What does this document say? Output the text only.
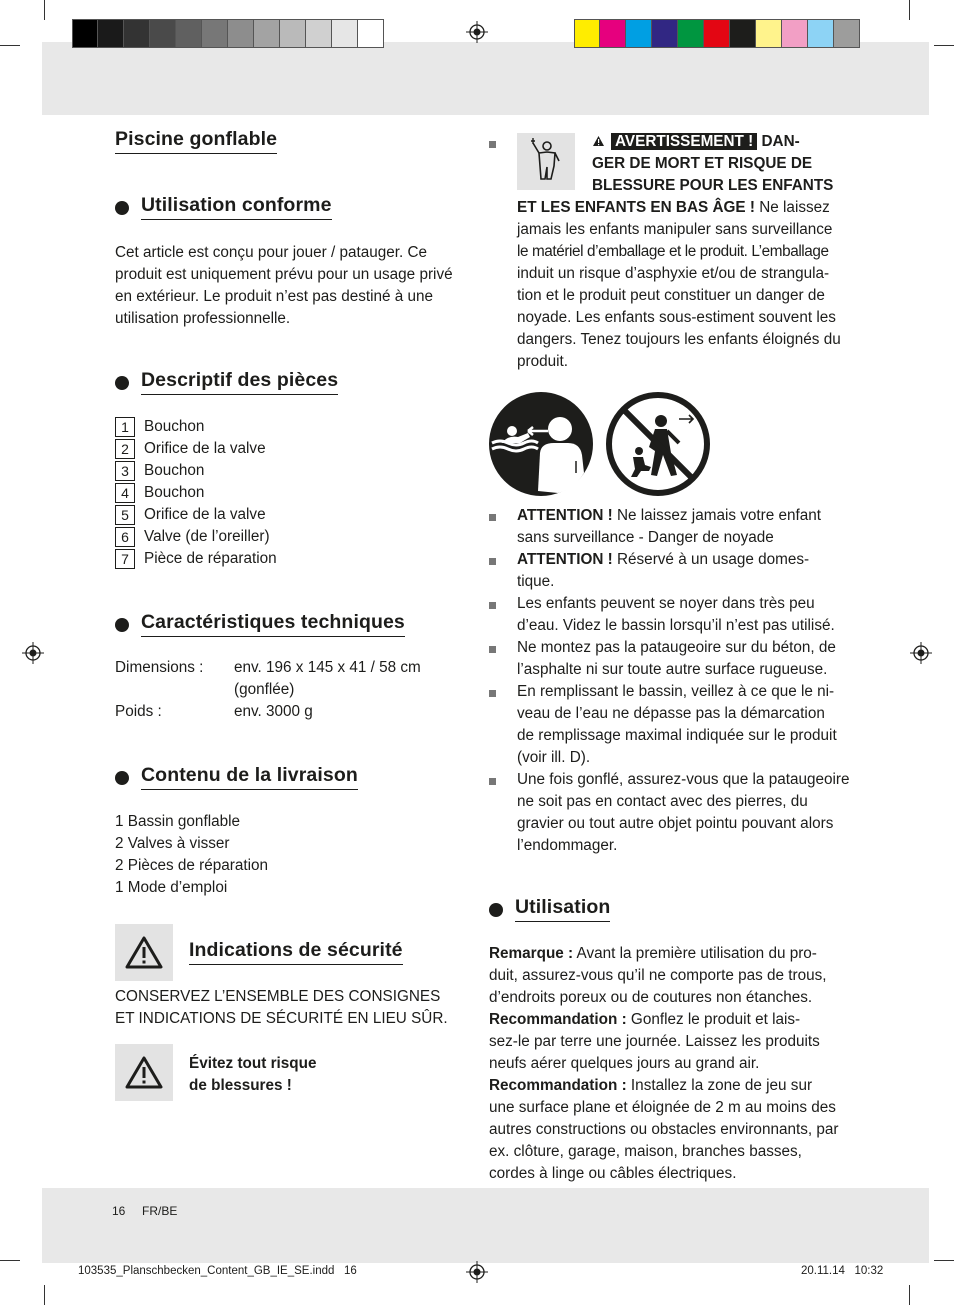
Piscine gonflable
Utilisation conforme

Cet article est conçu pour jouer / patauger. Ce

produit est uniquement prévu pour un usage privé

en extérieur. Le produit n’est pas destiné à une

utilisation professionnelle.

Descriptif des pièces
1 Bouchon
2 Orifice de la valve
3 Bouchon
4 Bouchon
5 Orifice de la valve
6 Valve (de l’oreiller)
7 Pièce de réparation
Caractéristiques techniques
Dimensions : env. 196 x 145 x 41 / 58 cm
(gonflée)
Poids :	env. 3000 g
Contenu de la livraison

1 Bassin gonflable

2 Valves à visser

2 Pièces de réparation

1 Mode d’emploi

Indications de sécurité

CONSERVEZ L’ENSEMBLE DES CONSIGNES

ET INDICATIONS DE SÉCURITÉ EN LIEU SÛR.

Évitez tout risque

de blessures !

AVERTISSEMENT ! DAN-
GER DE MORT ET RISQUE DE
BLESSURE POUR LES ENFANTS
ET LES ENFANTS EN BAS ÂGE ! Ne laissez

jamais les enfants manipuler sans surveillance

le matériel d’emballage et le produit. L’emballage

induit un risque d’asphyxie et/ou de strangula-

tion et le produit peut constituer un danger de

noyade. Les enfants sous-estiment souvent les

dangers. Tenez toujours les enfants éloignés du

produit.

ATTENTION ! Ne laissez jamais votre enfant

sans surveillance - Danger de noyade

ATTENTION ! Réservé à un usage domes-

tique.

Les enfants peuvent se noyer dans très peu

d’eau. Videz le bassin lorsqu’il n’est pas utilisé.

Ne montez pas la pataugeoire sur du béton, de

l’asphalte ni sur toute autre surface rugueuse.

En remplissant le bassin, veillez à ce que le ni-

veau de l’eau ne dépasse pas la démarcation

de remplissage maximal indiquée sur le produit

(voir ill. D).

Une fois gonflé, assurez-vous que la pataugeoire

ne soit pas en contact avec des pierres, du

gravier ou tout autre objet pointu pouvant alors

l’endommager.

Utilisation

Remarque : Avant la première utilisation du pro-

duit, assurez-vous qu’il ne comporte pas de trous,

d’endroits poreux ou de coutures non étanches.

Recommandation : Gonflez le produit et lais-

sez-le par terre une journée. Laissez les produits

neufs aérer quelques jours au grand air.

Recommandation : Installez la zone de jeu sur

une surface plane et éloignée de 2 m au moins des

autres constructions ou obstacles environnants, par

ex. clôture, garage, maison, branches basses,

cordes à linge ou câbles électriques.

16 FR/BE
103535_Planschbecken_Content_GB_IE_SE.indd   16	20.11.14   10:32
